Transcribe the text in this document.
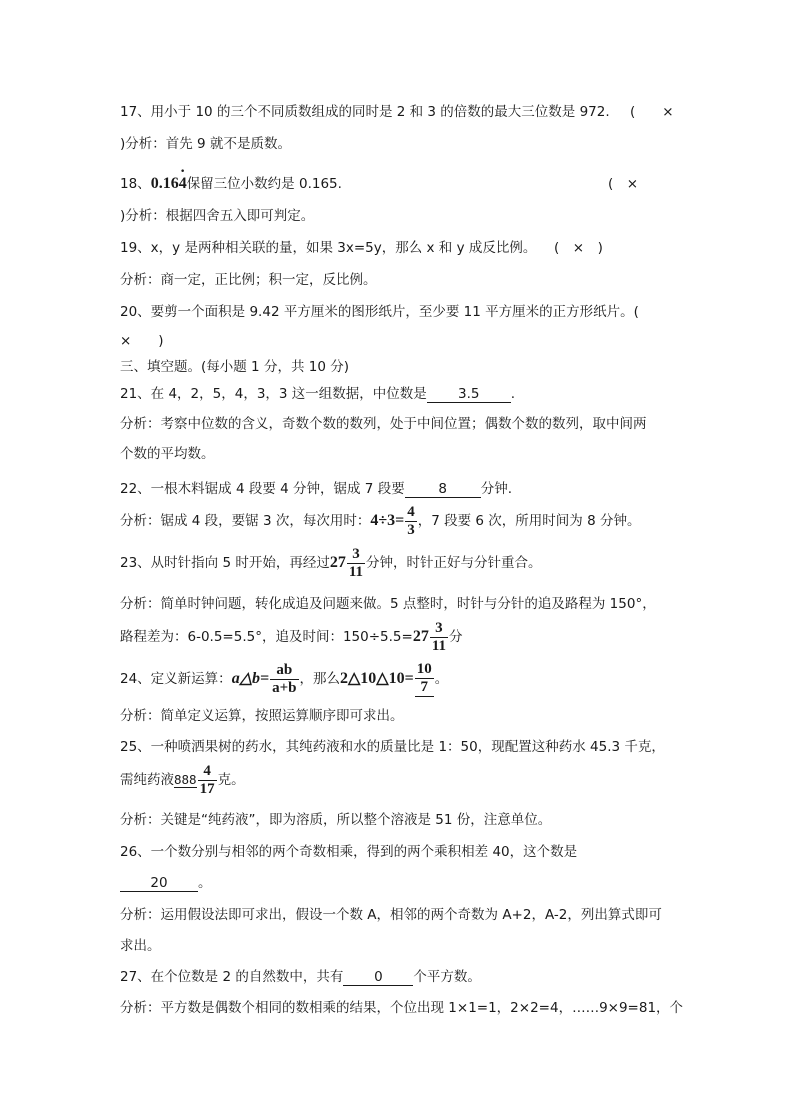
17、用小于 10 的三个不同质数组成的同时是 2 和 3 的倍数的最大三位数是 972. (　　×
)分析：首先 9 就不是质数。
18、0.164 ·保留三位小数约是 0.165.	(　×
)分析：根据四舍五入即可判定。
19、x，y 是两种相关联的量，如果 3x=5y，那么 x 和 y 成反比例。 (　×　)
分析：商一定，正比例；积一定，反比例。
20、要剪一个面积是 9.42 平方厘米的图形纸片，至少要 11 平方厘米的正方形纸片。(
×　　)
三、填空题。(每小题 1 分，共 10 分)
21、在 4，2，5，4，3，3 这一组数据，中位数是 3.5 .
分析：考察中位数的含义，奇数个数的数列，处于中间位置；偶数个数的数列，取中间两
个数的平均数。
22、一根木料锯成 4 段要 4 分钟，锯成 7 段要 8 分钟.
分析：锯成 4 段，要锯 3 次，每次用时：$4\div 3= \frac{4}{3}$ ，7 段要 6 次，所用时间为 8 分钟。
23、从时针指向 5 时开始，再经过$27 \frac{3}{11}$ 分钟，时针正好与分针重合。
分析：简单时钟问题，转化成追及问题来做。5 点整时，时针与分针的追及路程为 150°，
路程差为：6-0.5=5.5°，追及时间：$150\div 5.5=27 \frac{3}{11}$ 分
24、定义新运算：a△b= $\frac{ab}{a+b}$ ，那么2△10△10= $\frac{10}{7}$ 。
分析：简单定义运算，按照运算顺序即可求出。
25、一种喷洒果树的药水，其纯药液和水的质量比是 1：50，现配置这种药水 45.3 千克，
需纯药液$888 \frac{4}{17}$ 克。
分析：关键是“纯药液”，即为溶质，所以整个溶液是 51 份，注意单位。
26、一个数分别与相邻的两个奇数相乘，得到的两个乘积相差 40，这个数是
20 。
分析：运用假设法即可求出，假设一个数 A，相邻的两个奇数为 A+2，A-2，列出算式即可
求出。
27、在个位数是 2 的自然数中，共有 0 个平方数。
分析：平方数是偶数个相同的数相乘的结果，个位出现 1×1=1，2×2=4，……9×9=81，个
